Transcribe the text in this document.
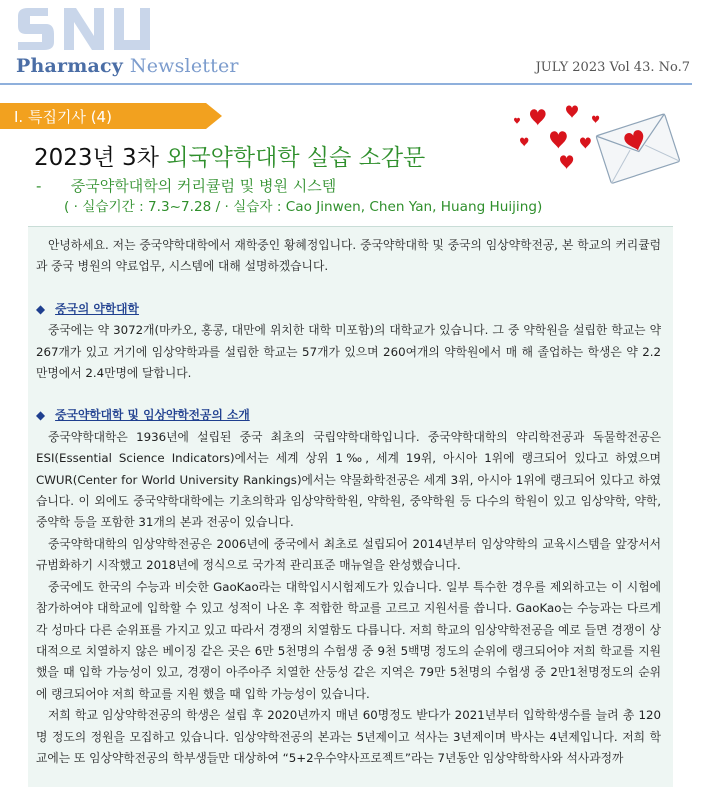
Pharmacy Newsletter	JULY 2023 Vol 43. No.7
I. 특집기사 (4)
2023년 3차 외국약학대학 실습 소감문
- 중국약학대학의 커리큘럼 및 병원 시스템
( · 실습기간 : 7.3~7.28 / · 실습자 : Cao Jinwen, Chen Yan, Huang Huijing)

안녕하세요. 저는 중국약학대학에서 재학중인 황혜정입니다. 중국약학대학 및 중국의 임상약학전공, 본 학교의 커리큘럼과 중국 병원의 약료업무, 시스템에 대해 설명하겠습니다.

◆ 중국의 약학대학

중국에는 약 3072개(마카오, 홍콩, 대만에 위치한 대학 미포함)의 대학교가 있습니다. 그 중 약학원을 설립한 학교는 약 267개가 있고 거기에 임상약학과를 설립한 학교는 57개가 있으며 260여개의 약학원에서 매 해 졸업하는 학생은 약 2.2만명에서 2.4만명에 달합니다.

◆ 중국약학대학 및 임상약학전공의 소개

중국약학대학은 1936년에 설립된 중국 최초의 국립약학대학입니다. 중국약학대학의 약리학전공과 독물학전공은 ESI(Essential Science Indicators)에서는 세계 상위 1‰, 세계 19위, 아시아 1위에 랭크되어 있다고 하였으며 CWUR(Center for World University Rankings)에서는 약물화학전공은 세계 3위, 아시아 1위에 랭크되어 있다고 하였습니다. 이 외에도 중국약학대학에는 기초의학과 임상약학학원, 약학원, 중약학원 등 다수의 학원이 있고 임상약학, 약학, 중약학 등을 포함한 31개의 본과 전공이 있습니다.

중국약학대학의 임상약학전공은 2006년에 중국에서 최초로 설립되어 2014년부터 임상약학의 교육시스템을 앞장서서 규범화하기 시작했고 2018년에 정식으로 국가적 관리표준 매뉴얼을 완성했습니다.

중국에도 한국의 수능과 비슷한 GaoKao라는 대학입시시험제도가 있습니다. 일부 특수한 경우를 제외하고는 이 시험에 참가하여야 대학교에 입학할 수 있고 성적이 나온 후 적합한 학교를 고르고 지원서를 씁니다. GaoKao는 수능과는 다르게 각 성마다 다른 순위표를 가지고 있고 따라서 경쟁의 치열함도 다릅니다. 저희 학교의 임상약학전공을 예로 들면 경쟁이 상대적으로 치열하지 않은 베이징 같은 곳은 6만 5천명의 수험생 중 9천 5백명 정도의 순위에 랭크되어야 저희 학교를 지원했을 때 입학 가능성이 있고, 경쟁이 아주아주 치열한 산둥성 같은 지역은 79만 5천명의 수험생 중 2만1천명정도의 순위에 랭크되어야 저희 학교를 지원 했을 때 입학 가능성이 있습니다.

저희 학교 임상약학전공의 학생은 설립 후 2020년까지 매년 60명정도 받다가 2021년부터 입학학생수를 늘려 총 120명 정도의 정원을 모집하고 있습니다. 임상약학전공의 본과는 5년제이고 석사는 3년제이며 박사는 4년제입니다. 저희 학교에는 또 임상약학전공의 학부생들만 대상하여 “5+2우수약사프로젝트”라는 7년동안 임상약학학사와 석사과정까
